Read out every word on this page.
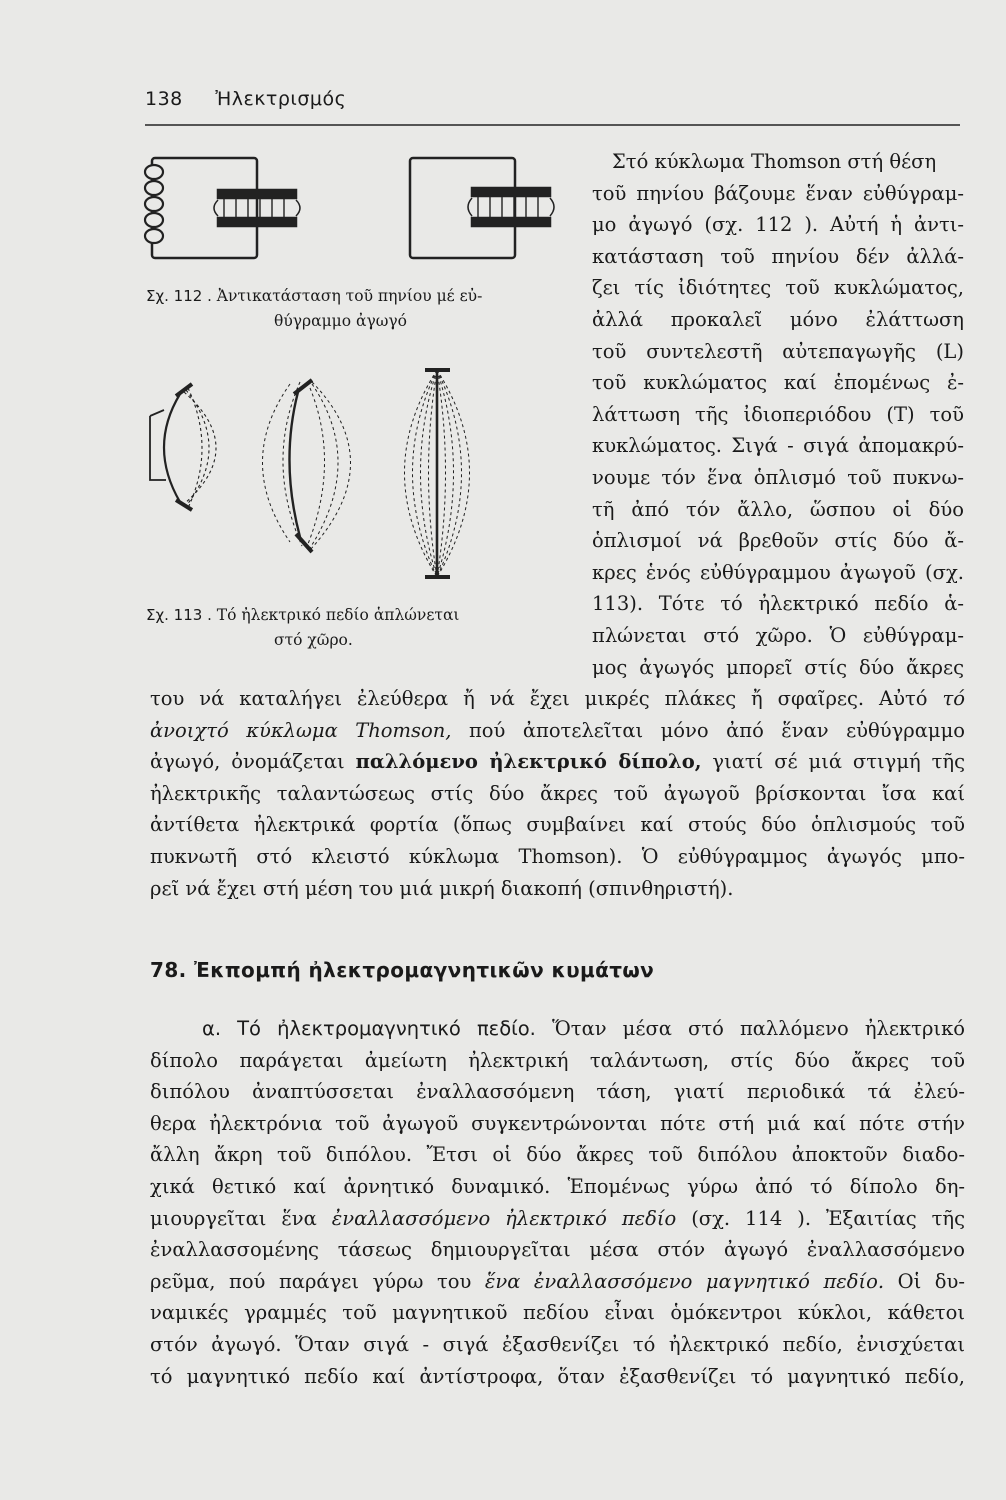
138 Ἠλεκτρισμός
Σχ. 112 . Ἀντικατάσταση τοῦ πηνίου μέ εὐ-
θύγραμμο ἀγωγό
Σχ. 113 . Τό ἠλεκτρικό πεδίο ἁπλώνεται
στό χῶρο.
Στό κύκλωμα Thomson στή θέση
τοῦ πηνίου βάζουμε ἕναν εὐθύγραμ-
μο ἀγωγό (σχ. 112 ). Αὐτή ἡ ἀντι-
κατάσταση τοῦ πηνίου δέν ἀλλά-
ζει τίς ἰδιότητες τοῦ κυκλώματος,
ἀλλά προκαλεῖ μόνο ἐλάττωση
τοῦ συντελεστῆ αὐτεπαγωγῆς (L)
τοῦ κυκλώματος καί ἑπομένως ἐ-
λάττωση τῆς ἰδιοπεριόδου (T) τοῦ
κυκλώματος. Σιγά - σιγά ἀπομακρύ-
νουμε τόν ἕνα ὁπλισμό τοῦ πυκνω-
τῆ ἀπό τόν ἄλλο, ὥσπου οἱ δύο
ὁπλισμοί νά βρεθοῦν στίς δύο ἄ-
κρες ἑνός εὐθύγραμμου ἀγωγοῦ (σχ.
113). Τότε τό ἠλεκτρικό πεδίο ἁ-
πλώνεται στό χῶρο. Ὁ εὐθύγραμ-
μος ἀγωγός μπορεῖ στίς δύο ἄκρες
του νά καταλήγει ἐλεύθερα ἤ νά ἔχει μικρές πλάκες ἤ σφαῖρες. Αὐτό τό
ἀνοιχτό κύκλωμα Thomson, πού ἀποτελεῖται μόνο ἀπό ἕναν εὐθύγραμμο
ἀγωγό, ὀνομάζεται παλλόμενο ἠλεκτρικό δίπολο, γιατί σέ μιά στιγμή τῆς
ἠλεκτρικῆς ταλαντώσεως στίς δύο ἄκρες τοῦ ἀγωγοῦ βρίσκονται ἴσα καί
ἀντίθετα ἠλεκτρικά φορτία (ὅπως συμβαίνει καί στούς δύο ὁπλισμούς τοῦ
πυκνωτῆ στό κλειστό κύκλωμα Thomson). Ὁ εὐθύγραμμος ἀγωγός μπο-
ρεῖ νά ἔχει στή μέση του μιά μικρή διακοπή (σπινθηριστή).
78. Ἐκπομπή ἠλεκτρομαγνητικῶν κυμάτων
α. Τό ἠλεκτρομαγνητικό πεδίο. Ὅταν μέσα στό παλλόμενο ἠλεκτρικό
δίπολο παράγεται ἀμείωτη ἠλεκτρική ταλάντωση, στίς δύο ἄκρες τοῦ
διπόλου ἀναπτύσσεται ἐναλλασσόμενη τάση, γιατί περιοδικά τά ἐλεύ-
θερα ἠλεκτρόνια τοῦ ἀγωγοῦ συγκεντρώνονται πότε στή μιά καί πότε στήν
ἄλλη ἄκρη τοῦ διπόλου. Ἔτσι οἱ δύο ἄκρες τοῦ διπόλου ἀποκτοῦν διαδο-
χικά θετικό καί ἀρνητικό δυναμικό. Ἑπομένως γύρω ἀπό τό δίπολο δη-
μιουργεῖται ἕνα ἐναλλασσόμενο ἠλεκτρικό πεδίο (σχ. 114 ). Ἐξαιτίας τῆς
ἐναλλασσομένης τάσεως δημιουργεῖται μέσα στόν ἀγωγό ἐναλλασσόμενο
ρεῦμα, πού παράγει γύρω του ἕνα ἐναλλασσόμενο μαγνητικό πεδίο. Οἱ δυ-
ναμικές γραμμές τοῦ μαγνητικοῦ πεδίου εἶναι ὁμόκεντροι κύκλοι, κάθετοι
στόν ἀγωγό. Ὅταν σιγά - σιγά ἐξασθενίζει τό ἠλεκτρικό πεδίο, ἐνισχύεται
τό μαγνητικό πεδίο καί ἀντίστροφα, ὅταν ἐξασθενίζει τό μαγνητικό πεδίο,
